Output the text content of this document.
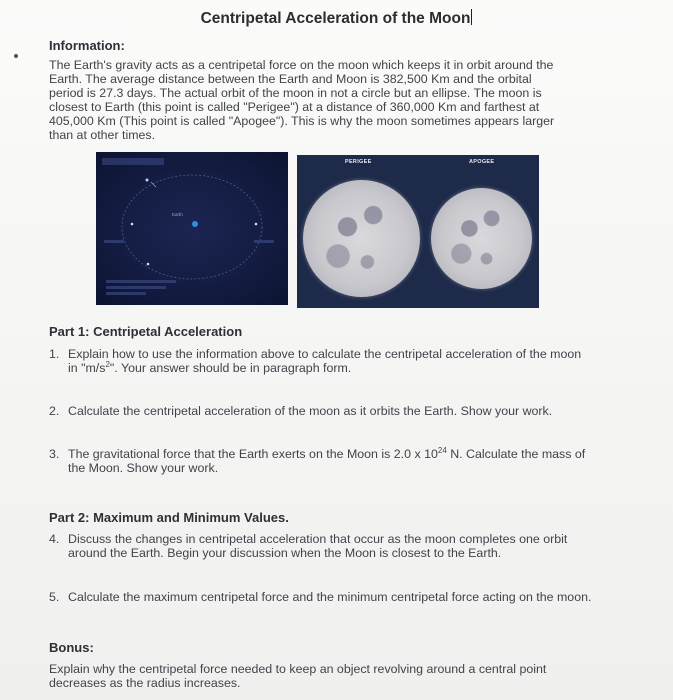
Centripetal Acceleration of the Moon
Information:
The Earth's gravity acts as a centripetal force on the moon which keeps it in orbit around the
Earth. The average distance between the Earth and Moon is 382,500 Km and the orbital
period is 27.3 days. The actual orbit of the moon in not a circle but an ellipse. The moon is
closest to Earth (this point is called "Perigee") at a distance of 360,000 Km and farthest at
405,000 Km (This point is called "Apogee"). This is why the moon sometimes appears larger
than at other times.
Earth
PERIGEE	APOGEE
Part 1: Centripetal Acceleration
1. Explain how to use the information above to calculate the centripetal acceleration of the moon
in "$m/s^2$". Your answer should be in paragraph form.
2. Calculate the centripetal acceleration of the moon as it orbits the Earth. Show your work.
3. The gravitational force that the Earth exerts on the Moon is 2.0 x $10^{24}$ N. Calculate the mass of
the Moon. Show your work.
Part 2: Maximum and Minimum Values.
4. Discuss the changes in centripetal acceleration that occur as the moon completes one orbit
around the Earth. Begin your discussion when the Moon is closest to the Earth.
5. Calculate the maximum centripetal force and the minimum centripetal force acting on the moon.
Bonus:
Explain why the centripetal force needed to keep an object revolving around a central point
decreases as the radius increases.
